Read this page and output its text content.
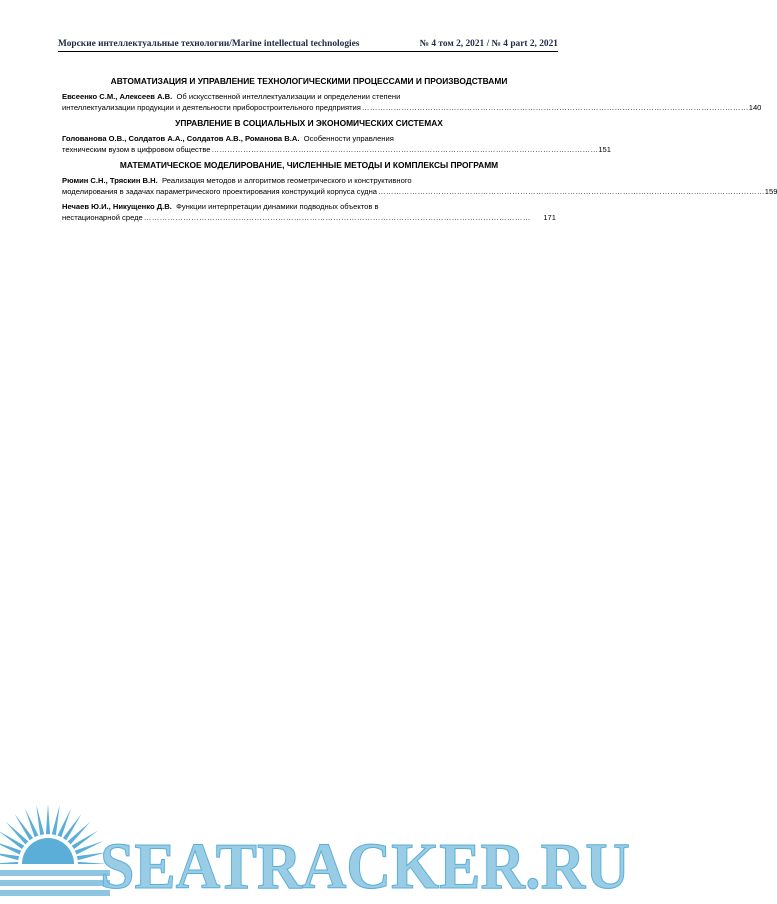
Морские интеллектуальные технологии/Marine intellectual technologies	№ 4 том 2, 2021 / № 4 part 2, 2021
АВТОМАТИЗАЦИЯ И УПРАВЛЕНИЕ ТЕХНОЛОГИЧЕСКИМИ ПРОЦЕССАМИ И ПРОИЗВОДСТВАМИ
Евсеенко С.М., Алексеев А.В. Об искусственной интеллектуализации и определении степени
интеллектуализации продукции и деятельности приборостроительного предприятия ………………………………………………………………………………………………………………………………… 140
УПРАВЛЕНИЕ В СОЦИАЛЬНЫХ И ЭКОНОМИЧЕСКИХ СИСТЕМАХ
Голованова О.В., Солдатов А.А., Солдатов А.В., Романова В.А. Особенности управления
техническим вузом в цифровом обществе ………………………………………………………………………………………………………………………………… 151
МАТЕМАТИЧЕСКОЕ МОДЕЛИРОВАНИЕ, ЧИСЛЕННЫЕ МЕТОДЫ И КОМПЛЕКСЫ ПРОГРАММ
Рюмин С.Н., Тряскин В.Н. Реализация методов и алгоритмов геометрического и конструктивного
моделирования в задачах параметрического проектирования конструкций корпуса судна ………………………………………………………………………………………………………………………………… 159
Нечаев Ю.И., Никущенко Д.В. Функции интерпретации динамики подводных объектов в
нестационарной среде …………………………………………………………………………………………………………………………………	171
SEATRACKER.RU
